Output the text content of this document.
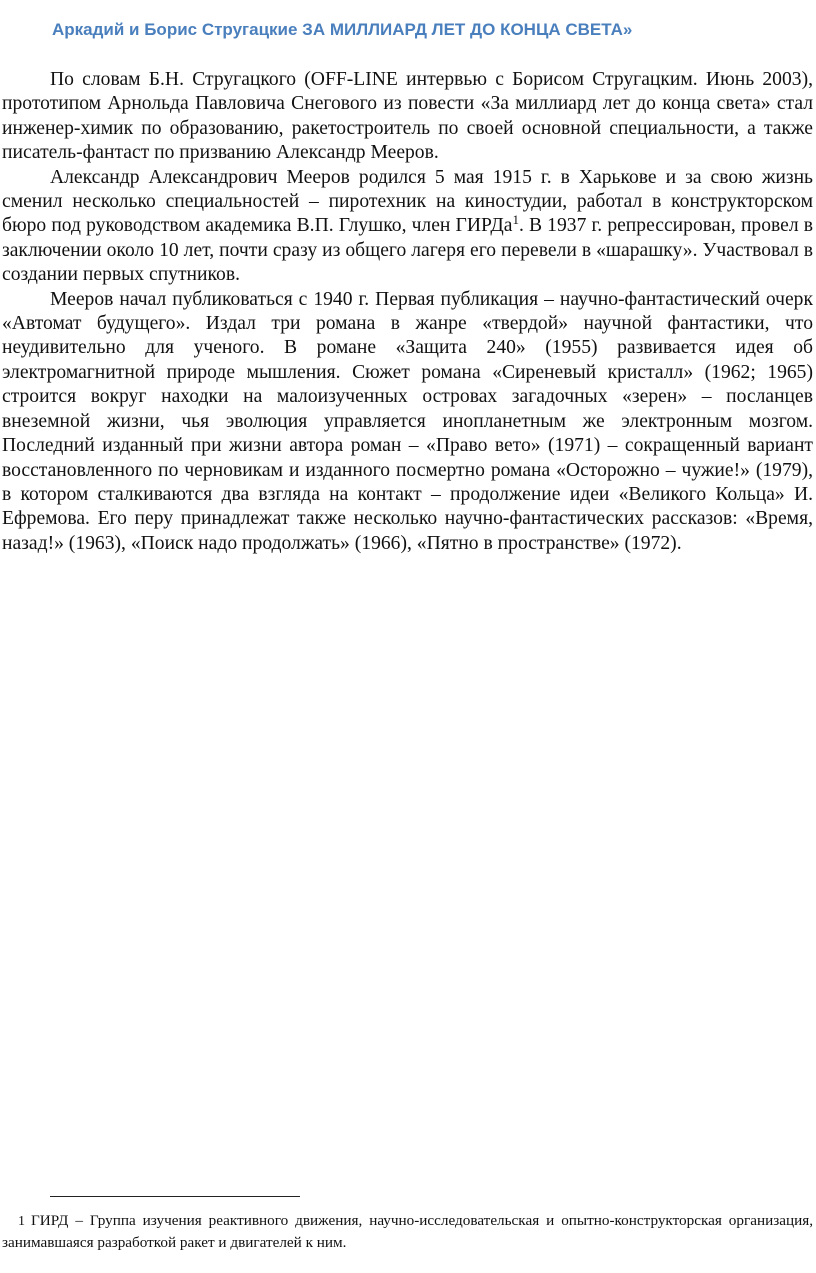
Аркадий и Борис Стругацкие ЗА МИЛЛИАРД ЛЕТ ДО КОНЦА СВЕТА»

По словам Б.Н. Стругацкого (OFF-LINE интервью с Борисом Стругацким. Июнь 2003), прототипом Арнольда Павловича Снегового из повести «За миллиард лет до конца света» стал инженер-химик по образованию, ракетостроитель по своей основной специальности, а также писатель-фантаст по призванию Александр Мееров.

Александр Александрович Мееров родился 5 мая 1915 г. в Харькове и за свою жизнь сменил несколько специальностей – пиротехник на киностудии, работал в конструкторском бюро под руководством академика В.П. Глушко, член ГИРДа$^1$. В 1937 г. репрессирован, провел в заключении около 10 лет, почти сразу из общего лагеря его перевели в «шарашку». Участвовал в создании первых спутников.

Мееров начал публиковаться с 1940 г. Первая публикация – научно-фантастический очерк «Автомат будущего». Издал три романа в жанре «твердой» научной фантастики, что неудивительно для ученого. В романе «Защита 240» (1955) развивается идея об электромагнитной природе мышления. Сюжет романа «Сиреневый кристалл» (1962; 1965) строится вокруг находки на малоизученных островах загадочных «зерен» – посланцев внеземной жизни, чья эволюция управляется инопланетным же электронным мозгом. Последний изданный при жизни автора роман – «Право вето» (1971) – сокращенный вариант восстановленного по черновикам и изданного посмертно романа «Осторожно – чужие!» (1979), в котором сталкиваются два взгляда на контакт – продолжение идеи «Великого Кольца» И. Ефремова. Его перу принадлежат также несколько научно-фантастических рассказов: «Время, назад!» (1963), «Поиск надо продолжать» (1966), «Пятно в пространстве» (1972).

1 ГИРД – Группа изучения реактивного движения, научно-исследовательская и опытно-конструкторская организация, занимавшаяся разработкой ракет и двигателей к ним.
